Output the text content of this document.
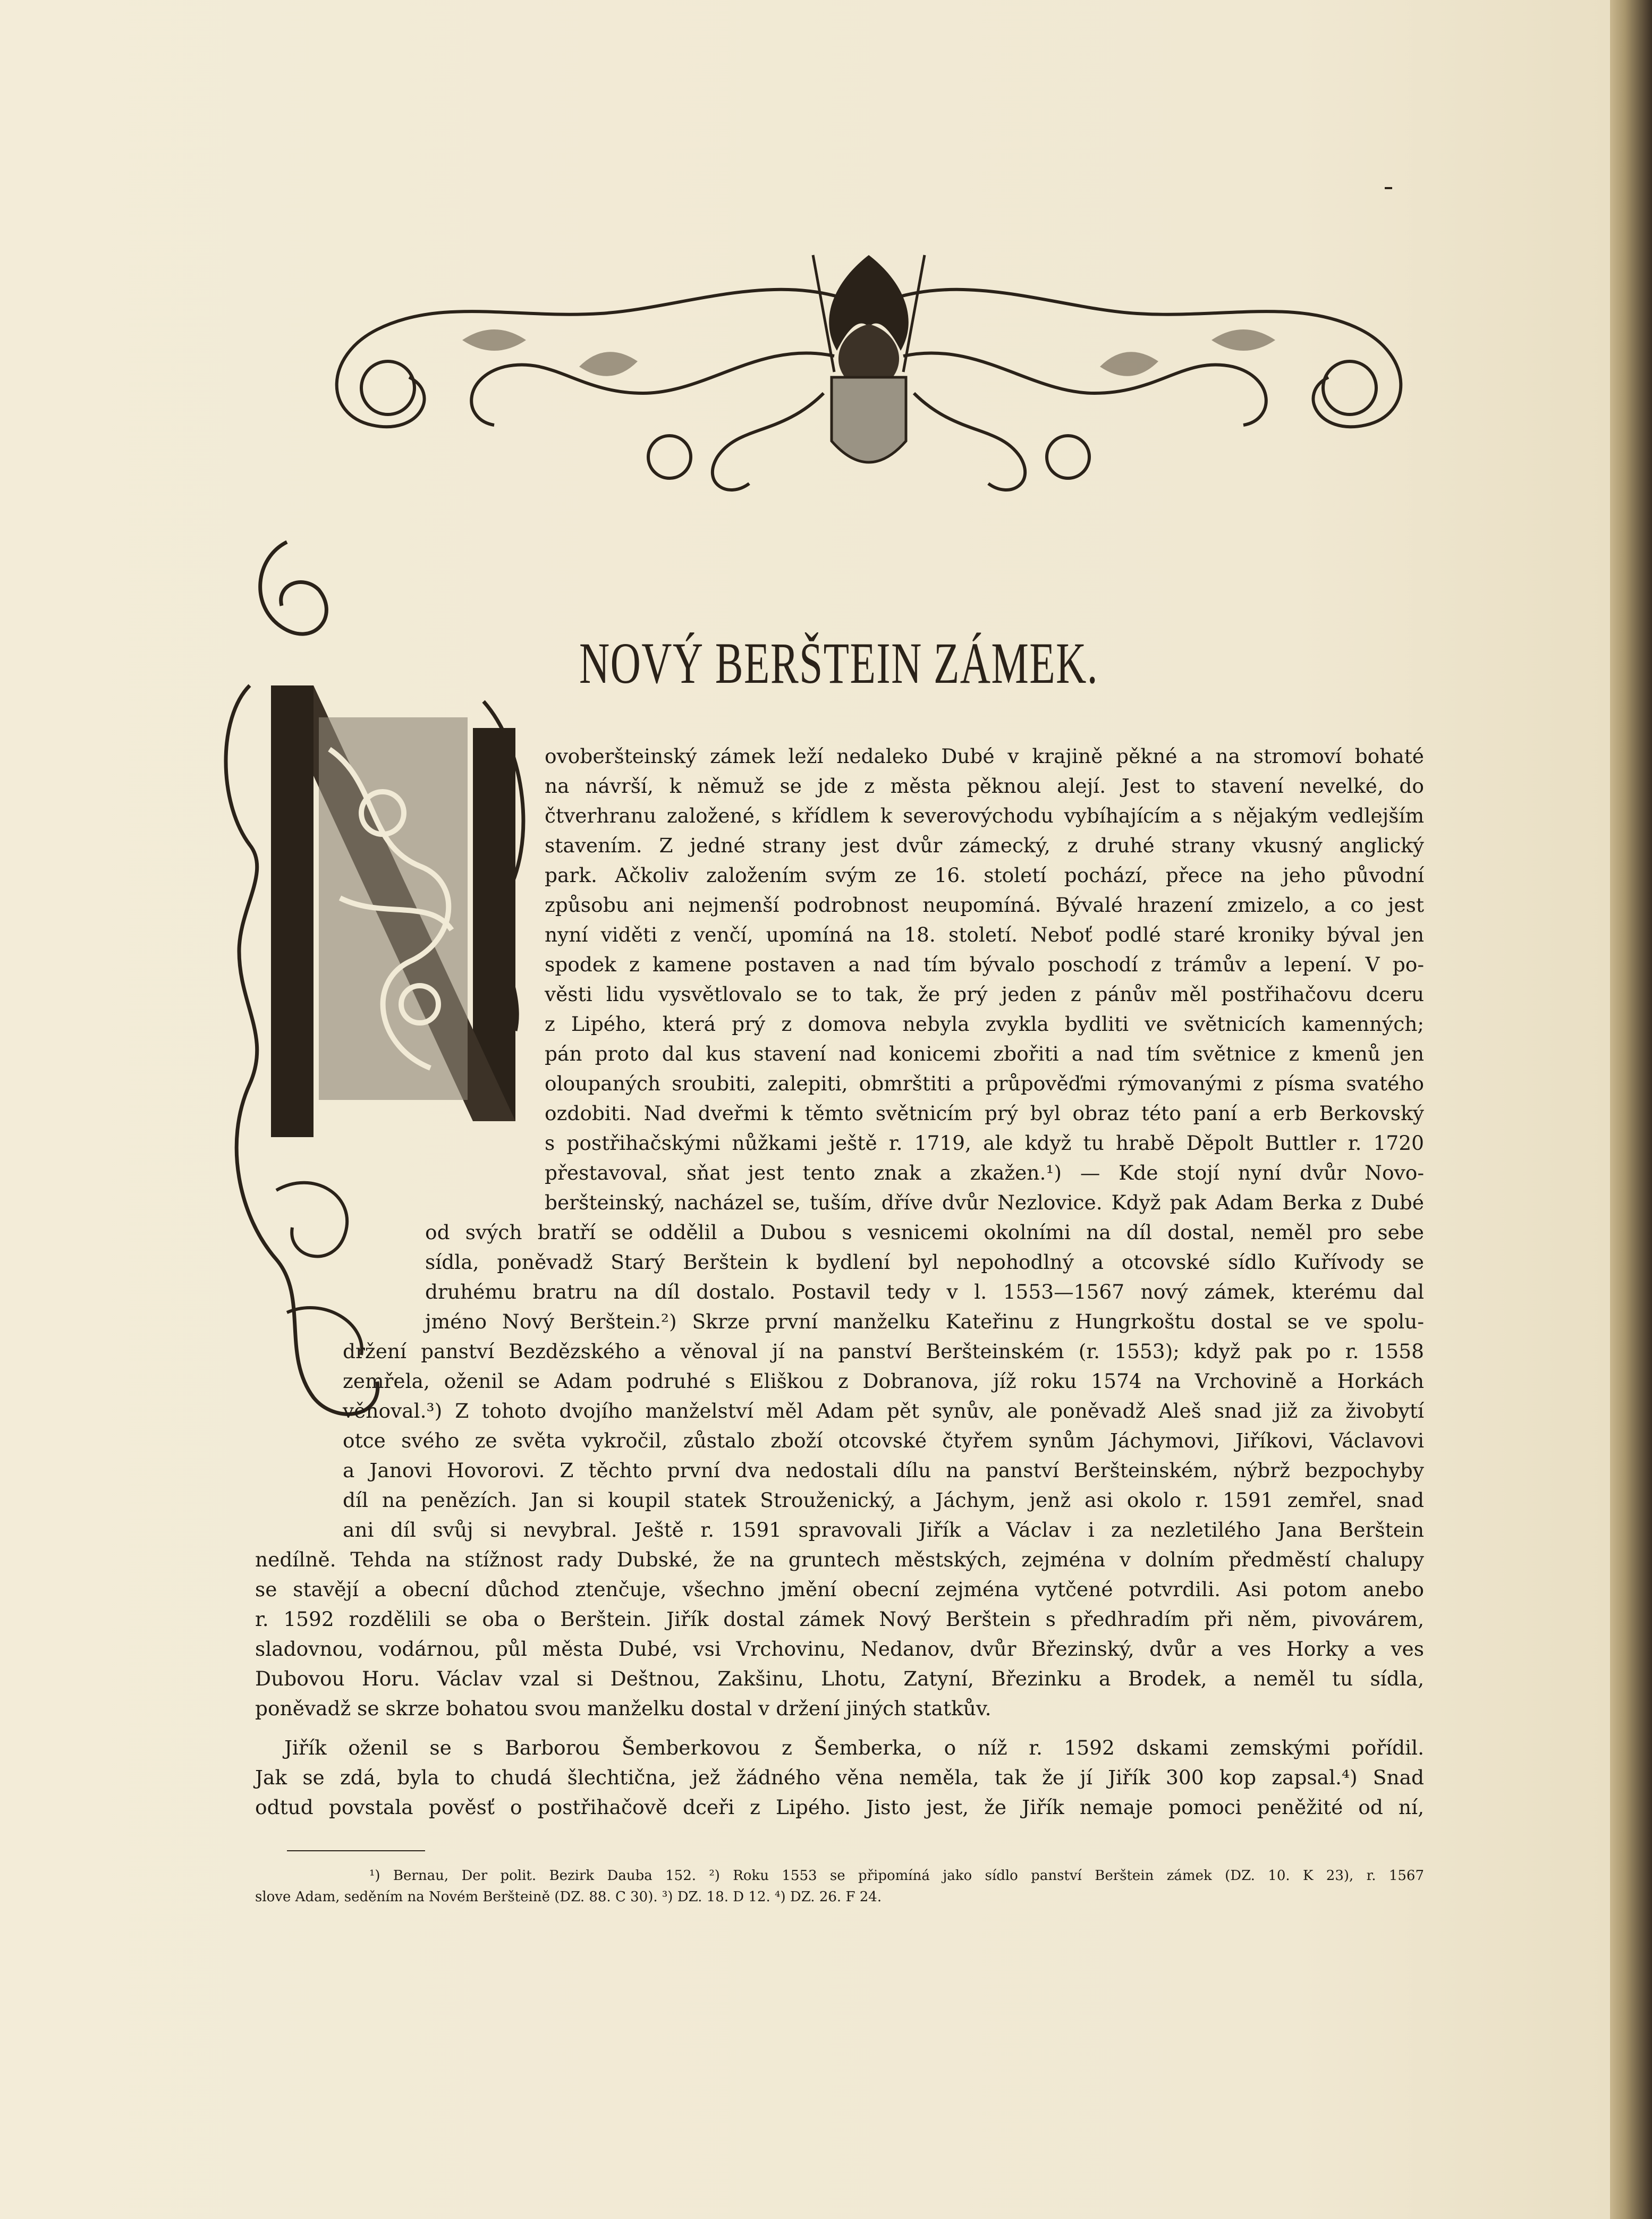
NOVÝ BERŠTEIN ZÁMEK.
ovoberšteinský zámek leží nedaleko Dubé v krajině pěkné a na stromoví bohaté
na návrší, k němuž se jde z města pěknou alejí. Jest to stavení nevelké, do
čtverhranu založené, s křídlem k severovýchodu vybíhajícím a s nějakým vedlejším
stavením. Z jedné strany jest dvůr zámecký, z druhé strany vkusný anglický
park. Ačkoliv založením svým ze 16. století pochází, přece na jeho původní
způsobu ani nejmenší podrobnost neupomíná. Bývalé hrazení zmizelo, a co jest
nyní viděti z venčí, upomíná na 18. století. Neboť podlé staré kroniky býval jen
spodek z kamene postaven a nad tím bývalo poschodí z trámův a lepení. V po-
věsti lidu vysvětlovalo se to tak, že prý jeden z pánův měl postřihačovu dceru
z Lipého, která prý z domova nebyla zvykla bydliti ve světnicích kamenných;
pán proto dal kus stavení nad konicemi zbořiti a nad tím světnice z kmenů jen
oloupaných sroubiti, zalepiti, obmrštiti a průpověďmi rýmovanými z písma svatého
ozdobiti. Nad dveřmi k těmto světnicím prý byl obraz této paní a erb Berkovský
s postřihačskými nůžkami ještě r. 1719, ale když tu hrabě Děpolt Buttler r. 1720
přestavoval, sňat jest tento znak a zkažen.¹) — Kde stojí nyní dvůr Novo-
beršteinský, nacházel se, tuším, dříve dvůr Nezlovice. Když pak Adam Berka z Dubé
od svých bratří se oddělil a Dubou s vesnicemi okolními na díl dostal, neměl pro sebe
sídla, poněvadž Starý Berštein k bydlení byl nepohodlný a otcovské sídlo Kuřívody se
druhému bratru na díl dostalo. Postavil tedy v l. 1553—1567 nový zámek, kterému dal
jméno Nový Berštein.²) Skrze první manželku Kateřinu z Hungrkoštu dostal se ve spolu-
držení panství Bezdězského a věnoval jí na panství Beršteinském (r. 1553); když pak po r. 1558
zemřela, oženil se Adam podruhé s Eliškou z Dobranova, jíž roku 1574 na Vrchovině a Horkách
věnoval.³) Z tohoto dvojího manželství měl Adam pět synův, ale poněvadž Aleš snad již za živobytí
otce svého ze světa vykročil, zůstalo zboží otcovské čtyřem synům Jáchymovi, Jiříkovi, Václavovi
a Janovi Hovorovi. Z těchto první dva nedostali dílu na panství Beršteinském, nýbrž bezpochyby
díl na penězích. Jan si koupil statek Strouženický, a Jáchym, jenž asi okolo r. 1591 zemřel, snad
ani díl svůj si nevybral. Ještě r. 1591 spravovali Jiřík a Václav i za nezletilého Jana Berštein
nedílně. Tehda na stížnost rady Dubské, že na gruntech městských, zejména v dolním předměstí chalupy
se stavějí a obecní důchod ztenčuje, všechno jmění obecní zejména vytčené potvrdili. Asi potom anebo
r. 1592 rozdělili se oba o Berštein. Jiřík dostal zámek Nový Berštein s předhradím při něm, pivovárem,
sladovnou, vodárnou, půl města Dubé, vsi Vrchovinu, Nedanov, dvůr Březinský, dvůr a ves Horky a ves
Dubovou Horu. Václav vzal si Deštnou, Zakšinu, Lhotu, Zatyní, Březinku a Brodek, a neměl tu sídla,
poněvadž se skrze bohatou svou manželku dostal v držení jiných statkův.
Jiřík oženil se s Barborou Šemberkovou z Šemberka, o níž r. 1592 dskami zemskými pořídil.
Jak se zdá, byla to chudá šlechtična, jež žádného věna neměla, tak že jí Jiřík 300 kop zapsal.⁴) Snad
odtud povstala pověsť o postřihačově dceři z Lipého. Jisto jest, že Jiřík nemaje pomoci peněžité od ní,
¹) Bernau, Der polit. Bezirk Dauba 152. ²) Roku 1553 se připomíná jako sídlo panství Berštein zámek (DZ. 10. K 23), r. 1567
slove Adam, seděním na Novém Beršteině (DZ. 88. C 30). ³) DZ. 18. D 12. ⁴) DZ. 26. F 24.
